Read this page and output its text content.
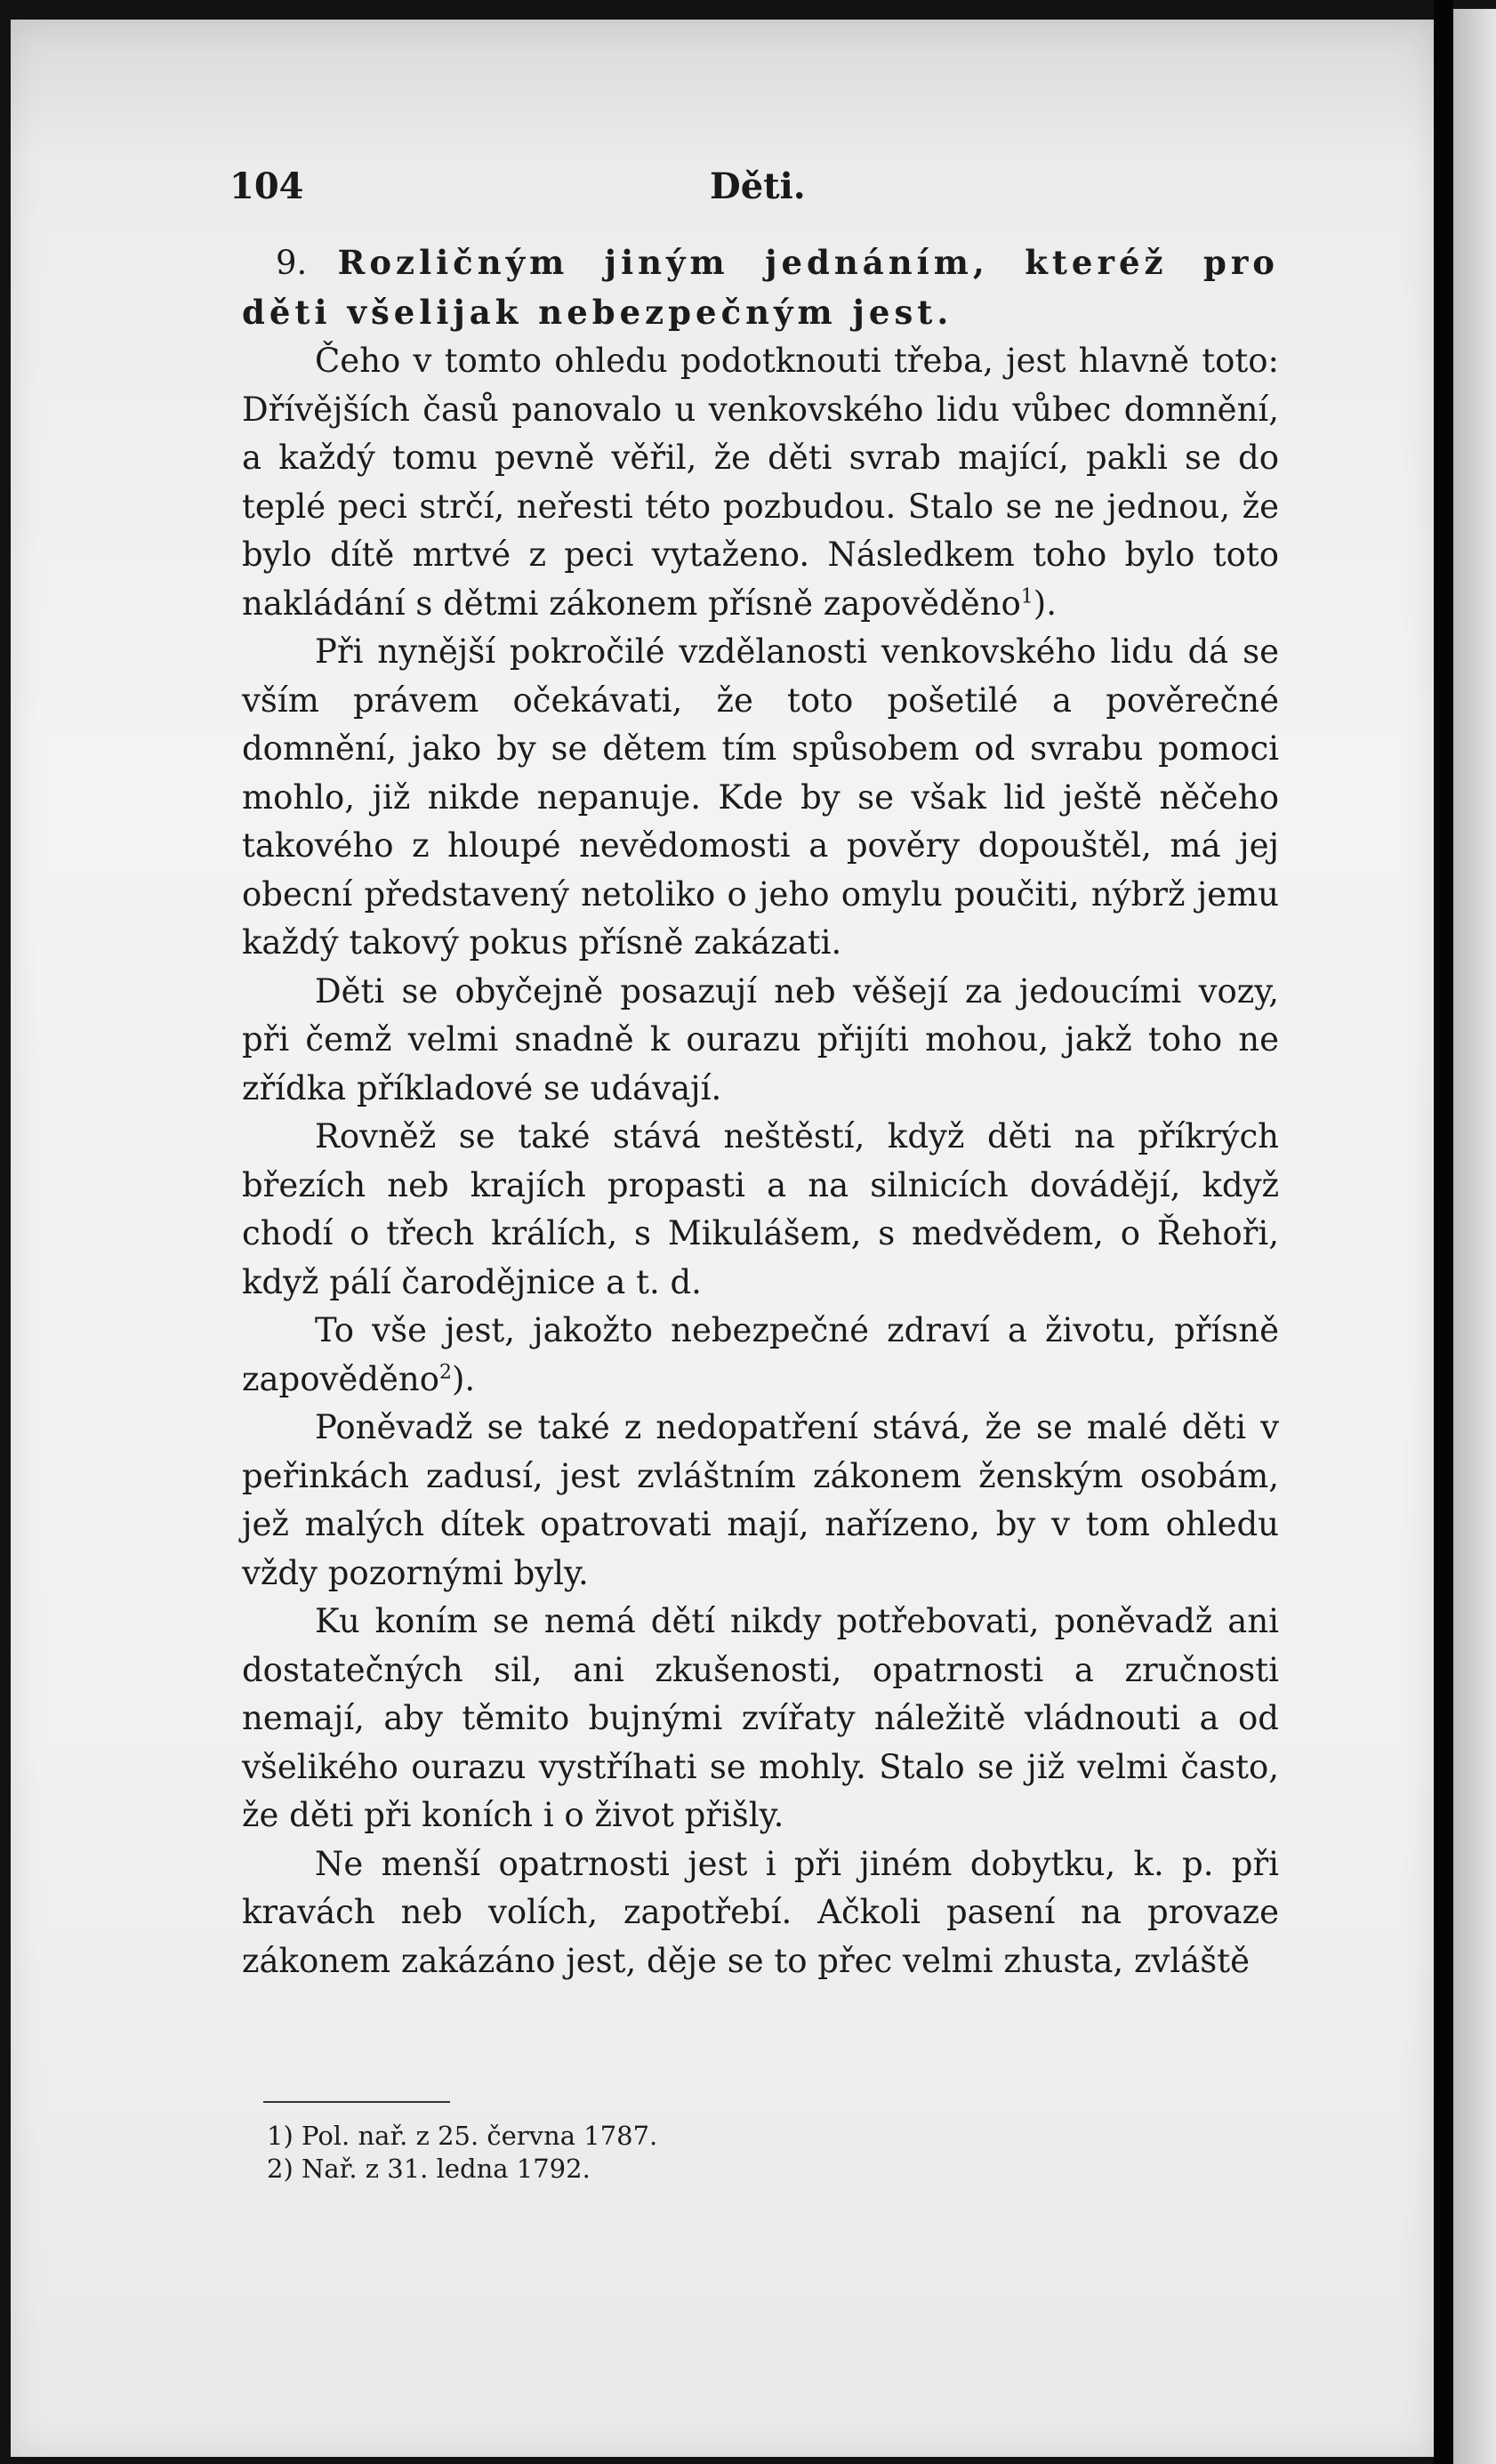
104	Děti.

9. Rozličným jiným jednáním, kteréž pro děti všelijak nebezpečným jest.

Čeho v tomto ohledu podotknouti třeba, jest hlavně toto: Dřívějších časů panovalo u venkovského lidu vůbec domnění, a každý tomu pevně věřil, že děti svrab mající, pakli se do teplé peci strčí, neřesti této pozbudou. Stalo se ne jednou, že bylo dítě mrtvé z peci vytaženo. Následkem toho bylo toto nakládání s dětmi zákonem přísně zapověděno$^1$).

Při nynější pokročilé vzdělanosti venkovského lidu dá se vším právem očekávati, že toto pošetilé a pověrečné domnění, jako by se dětem tím spůsobem od svrabu pomoci mohlo, již nikde nepanuje. Kde by se však lid ještě něčeho takového z hloupé nevědomosti a pověry dopouštěl, má jej obecní představený netoliko o jeho omylu poučiti, nýbrž jemu každý takový pokus přísně zakázati.

Děti se obyčejně posazují neb věšejí za jedoucími vozy, při čemž velmi snadně k ourazu přijíti mohou, jakž toho ne zřídka příkladové se udávají.

Rovněž se také stává neštěstí, když děti na příkrých březích neb krajích propasti a na silnicích dovádějí, když chodí o třech králích, s Mikulášem, s medvědem, o Řehoři, když pálí čarodějnice a t. d.

To vše jest, jakožto nebezpečné zdraví a životu, přísně zapověděno$^2$).

Poněvadž se také z nedopatření stává, že se malé děti v peřinkách zadusí, jest zvláštním zákonem ženským osobám, jež malých dítek opatrovati mají, nařízeno, by v tom ohledu vždy pozornými byly.

Ku koním se nemá dětí nikdy potřebovati, poněvadž ani dostatečných sil, ani zkušenosti, opatrnosti a zručnosti nemají, aby těmito bujnými zvířaty náležitě vládnouti a od všelikého ourazu vystříhati se mohly. Stalo se již velmi často, že děti při koních i o život přišly.

Ne menší opatrnosti jest i při jiném dobytku, k. p. při kravách neb volích, zapotřebí. Ačkoli pasení na provaze zákonem zakázáno jest, děje se to přec velmi zhusta, zvláště

1) Pol. nař. z 25. června 1787.
2) Nař. z 31. ledna 1792.
